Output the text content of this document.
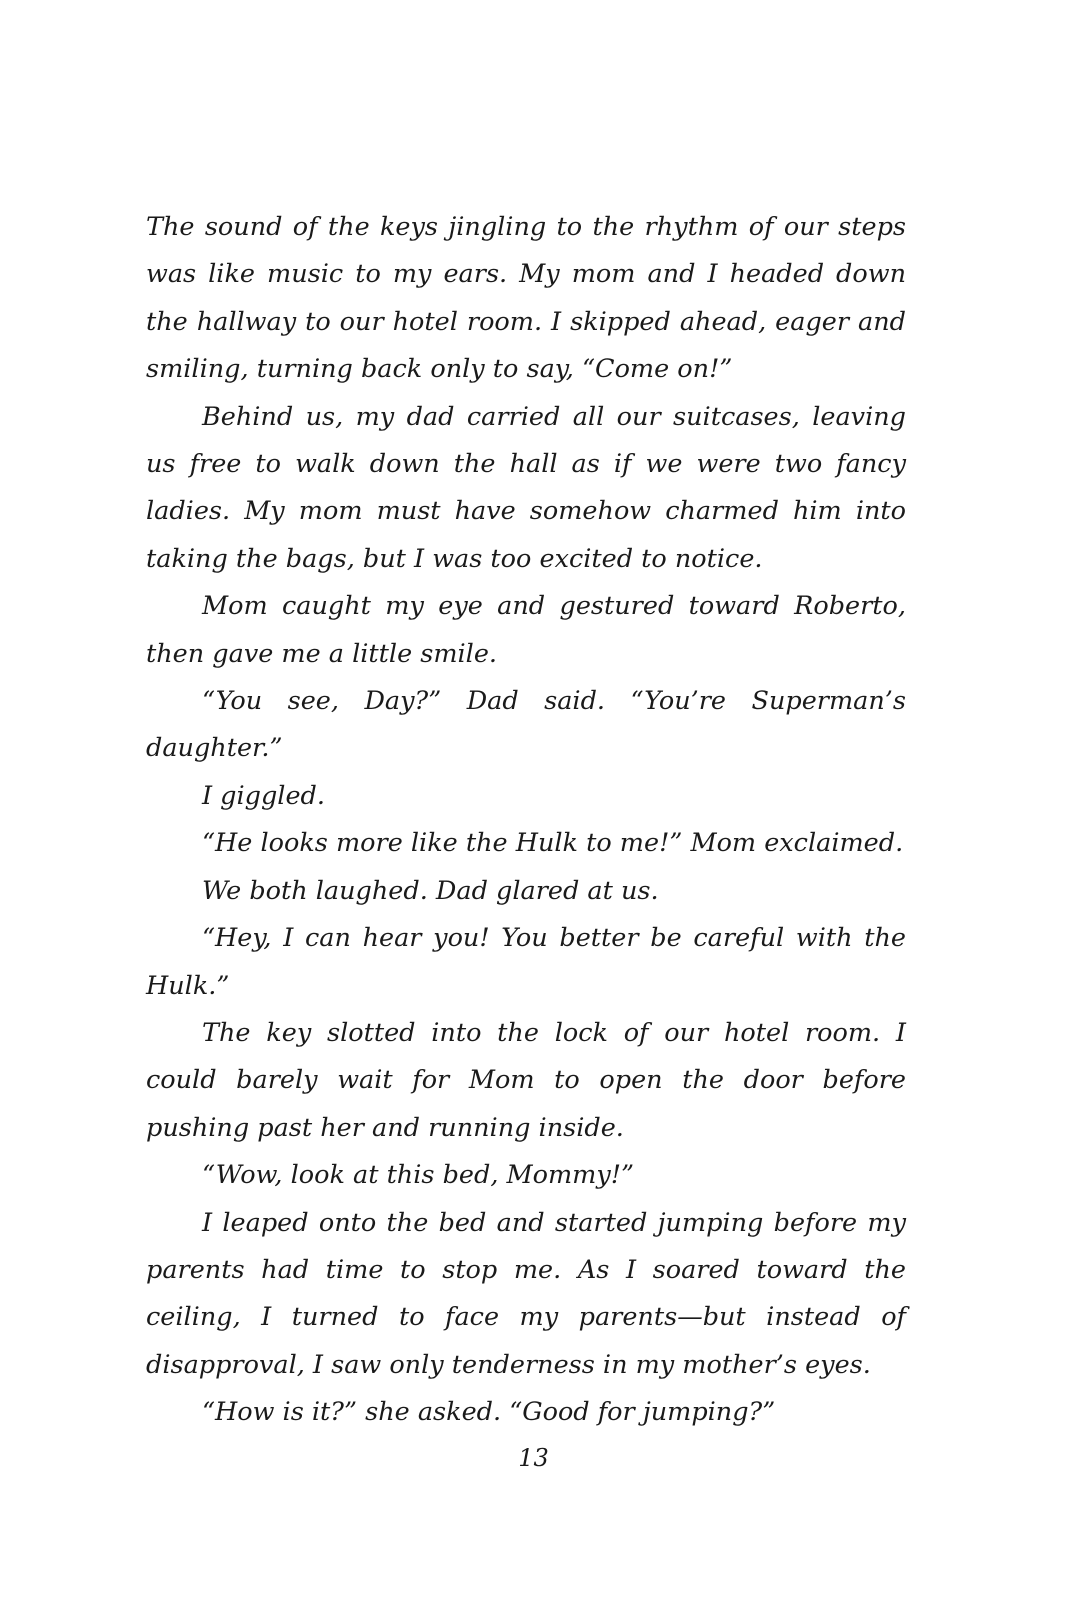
The sound of the keys jingling to the rhythm of our steps was like music to my ears. My mom and I headed down the hallway to our hotel room. I skipped ahead, eager and smiling, turning back only to say, “Come on!”

Behind us, my dad carried all our suitcases, leaving us free to walk down the hall as if we were two fancy ladies. My mom must have somehow charmed him into taking the bags, but I was too excited to notice.

Mom caught my eye and gestured toward Roberto, then gave me a little smile.

“You see, Day?” Dad said. “You’re Superman’s daughter.”

I giggled.

“He looks more like the Hulk to me!” Mom exclaimed.

We both laughed. Dad glared at us.

“Hey, I can hear you! You better be careful with the Hulk.”

The key slotted into the lock of our hotel room. I could barely wait for Mom to open the door before pushing past her and running inside.

“Wow, look at this bed, Mommy!”

I leaped onto the bed and started jumping before my parents had time to stop me. As I soared toward the ceiling, I turned to face my parents—but instead of disapproval, I saw only tenderness in my mother’s eyes.

“How is it?” she asked. “Good for jumping?”

13
